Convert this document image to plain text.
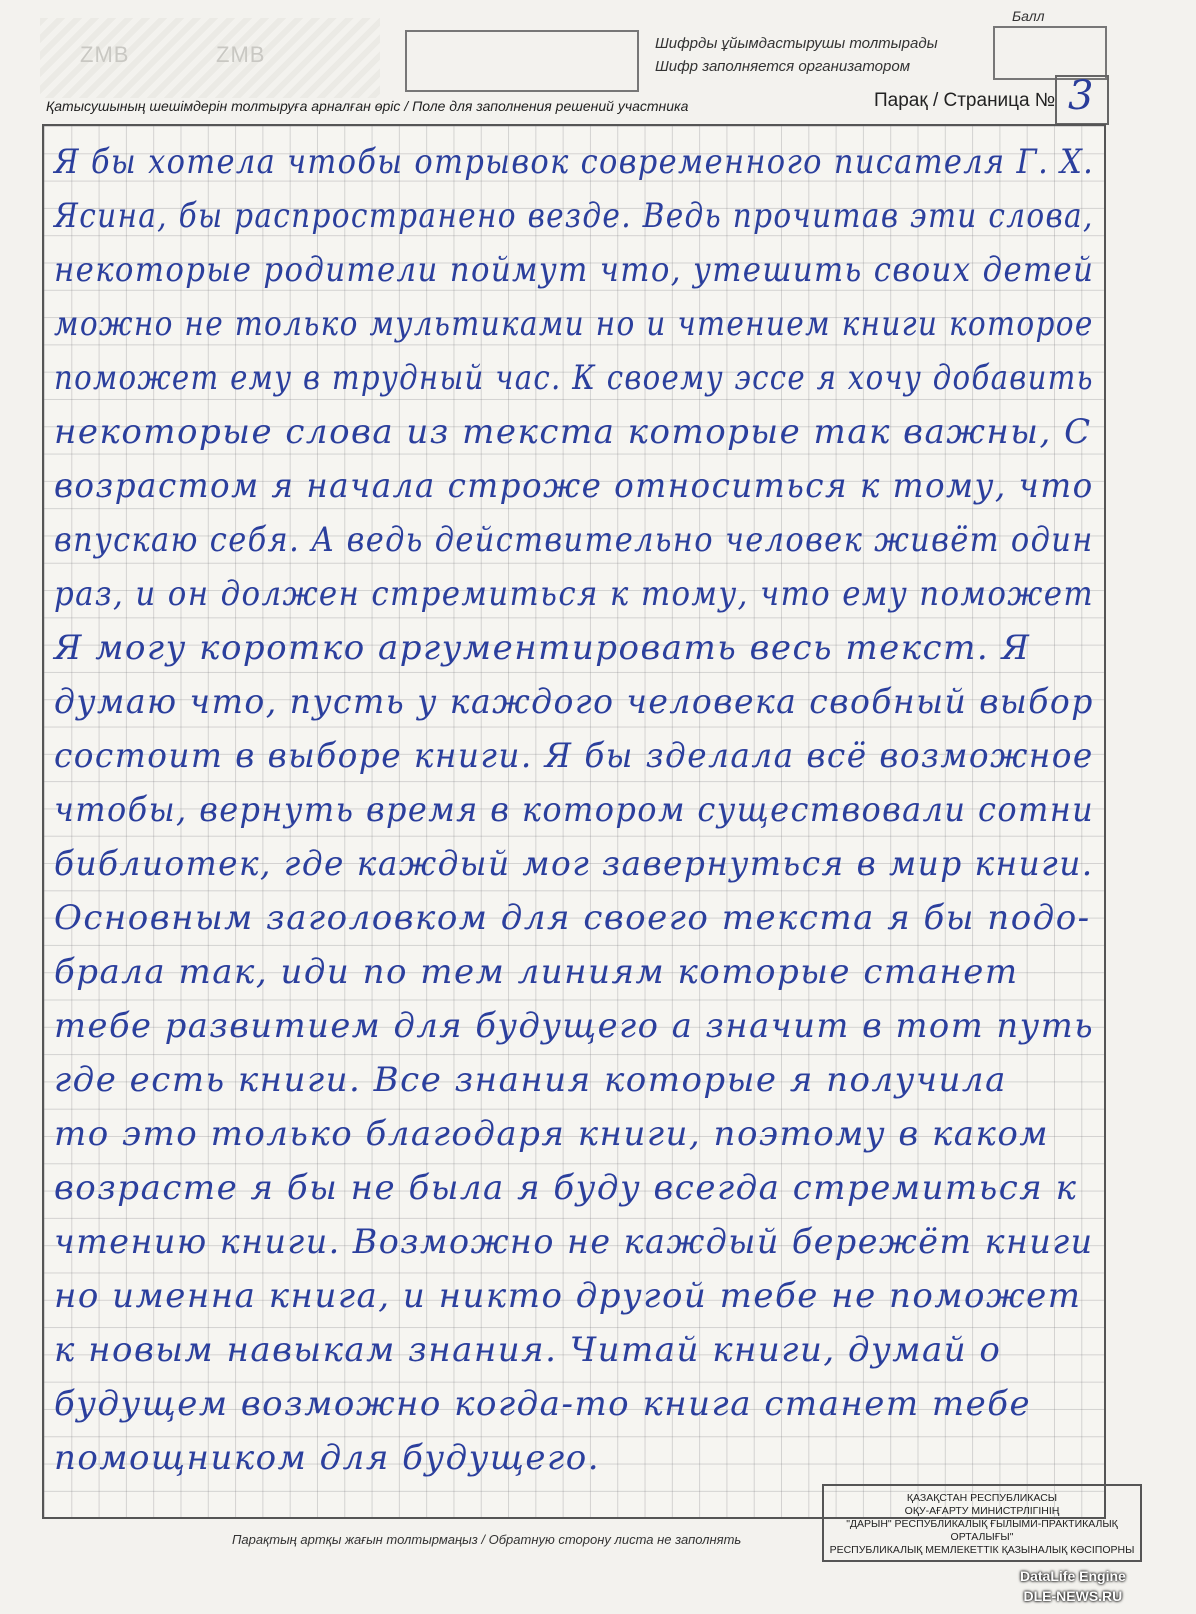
ZMB	ZMB	Шифрды ұйымдастырушы толтырады
Шифр заполняется организатором
Балл
Қатысушының шешімдерін толтыруға арналған өріс / Поле для заполнения решений участника	Парақ / Страница № 3
Я бы хотела чтобы отрывок современного писателя Г. Х.
Ясина, бы распространено везде. Ведь прочитав эти слова,
некоторые родители поймут что, утешить своих детей
можно не только мультиками но и чтением книги которое
поможет ему в трудный час. К своему эссе я хочу добавить
некоторые слова из текста которые так важны, С
возрастом я начала строже относиться к тому, что
впускаю себя. А ведь действительно человек живёт один
раз, и он должен стремиться к тому, что ему поможет
Я могу коротко аргументировать весь текст. Я
думаю что, пусть у каждого человека свобный выбор
состоит в выборе книги. Я бы зделала всё возможное
чтобы, вернуть время в котором существовали сотни
библиотек, где каждый мог завернуться в мир книги.
Основным заголовком для своего текста я бы подо-
брала так, иди по тем линиям которые станет
тебе развитием для будущего а значит в тот путь
где есть книги. Все знания которые я получила
то это только благодаря книги, поэтому в каком
возрасте я бы не была я буду всегда стремиться к
чтению книги. Возможно не каждый бережёт книги
но именна книга, и никто другой тебе не поможет
к новым навыкам знания. Читай книги, думай о
будущем возможно когда-то книга станет тебе
помощником для будущего.
Парақтың артқы жағын толтырмаңыз / Обратную сторону листа не заполнять
ҚАЗАҚСТАН РЕСПУБЛИКАСЫ
ОҚУ-АҒАРТУ МИНИСТРЛІГІНІҢ
"ДАРЫН" РЕСПУБЛИКАЛЫҚ ҒЫЛЫМИ-ПРАКТИКАЛЫҚ ОРТАЛЫҒЫ"
РЕСПУБЛИКАЛЫҚ МЕМЛЕКЕТТІК ҚАЗЫНАЛЫҚ КӘСІПОРНЫ
DataLife Engine
DLE-NEWS.RU
